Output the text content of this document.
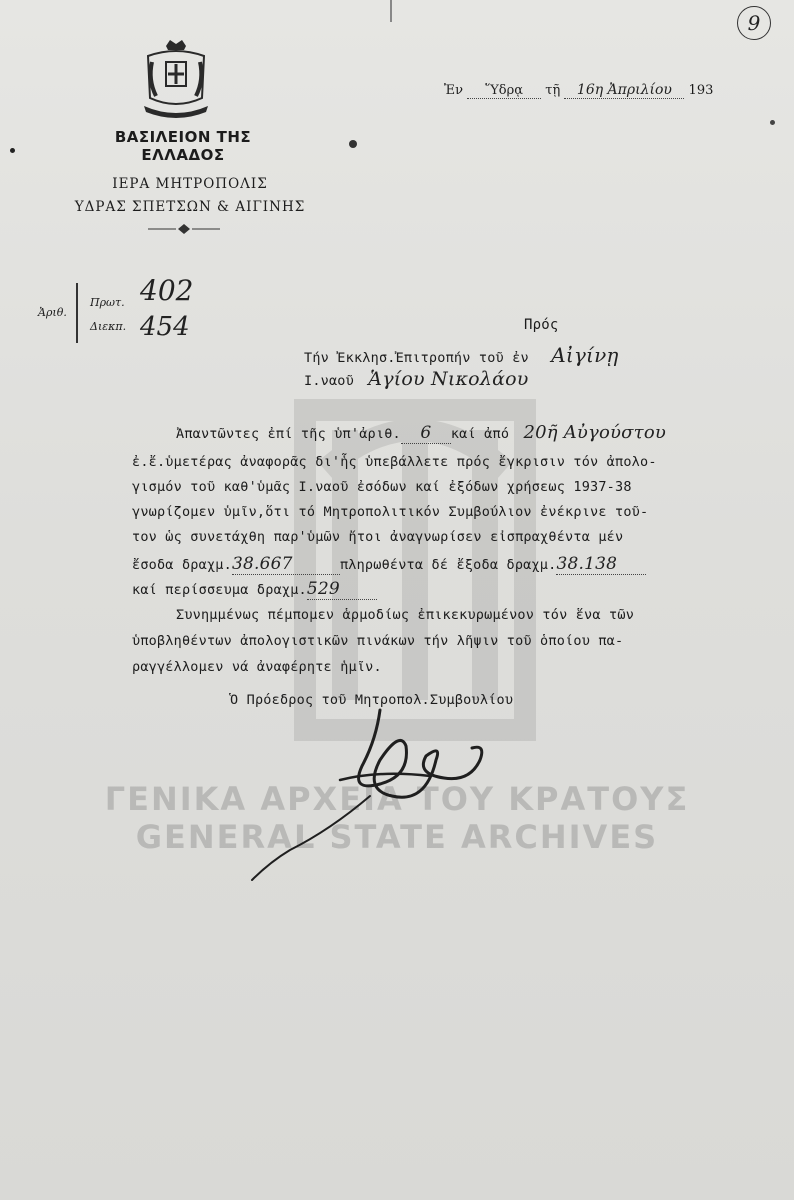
9
ΒΑΣΙΛΕΙΟΝ ΤΗΣ ΕΛΛΑΔΟΣ
ΙΕΡΑ ΜΗΤΡΟΠΟΛΙΣ
ΥΔΡΑΣ ΣΠΕΤΣΩΝ & ΑΙΓΙΝΗΣ
Ἐν Ὕδρᾳ τῇ 16η Ἀπριλίου 193
Ἀριθ.
Πρωτ.
Διεκπ.
402
454	Πρός
Τήν Ἐκκλησ.Ἐπιτροπήν τοῦ ἐν Αἰγίνῃ
Ι.ναοῦ Ἁγίου Νικολάου
Ἀπαντῶντες ἐπί τῆς ὑπ'ἀριθ. 6 καί ἀπό 20ῆ Αὐγούστου
ἐ.ἔ.ὑμετέρας ἀναφορᾶς δι'ἧς ὑπεβάλλετε πρός ἔγκρισιν τόν ἀπολο-
γισμόν τοῦ καθ'ὑμᾶς Ι.ναοῦ ἐσόδων καί ἐξόδων χρήσεως 1937-38
γνωρίζομεν ὑμῖν,ὅτι τό Μητροπολιτικόν Συμβούλιον ἐνέκρινε τοῦ-
τον ὡς συνετάχθη παρ'ὑμῶν ἤτοι ἀναγνωρίσεν εἰσπραχθέντα μέν
ἔσοδα δραχμ.38.667	πληρωθέντα δέ ἔξοδα δραχμ.38.138
καί περίσσευμα δραχμ.529
Συνημμένως πέμπομεν ἁρμοδίως ἐπικεκυρωμένον τόν ἕνα τῶν
ὑποβληθέντων ἀπολογιστικῶν πινάκων τήν λῆψιν τοῦ ὁποίου πα-
ραγγέλλομεν νά ἀναφέρητε ἡμῖν.
Ὁ Πρόεδρος τοῦ Μητροπολ.Συμβουλίου
ΓΕΝΙΚΑ ΑΡΧΕΙΑ ΤΟΥ ΚΡΑΤΟΥΣ
GENERAL STATE ARCHIVES
